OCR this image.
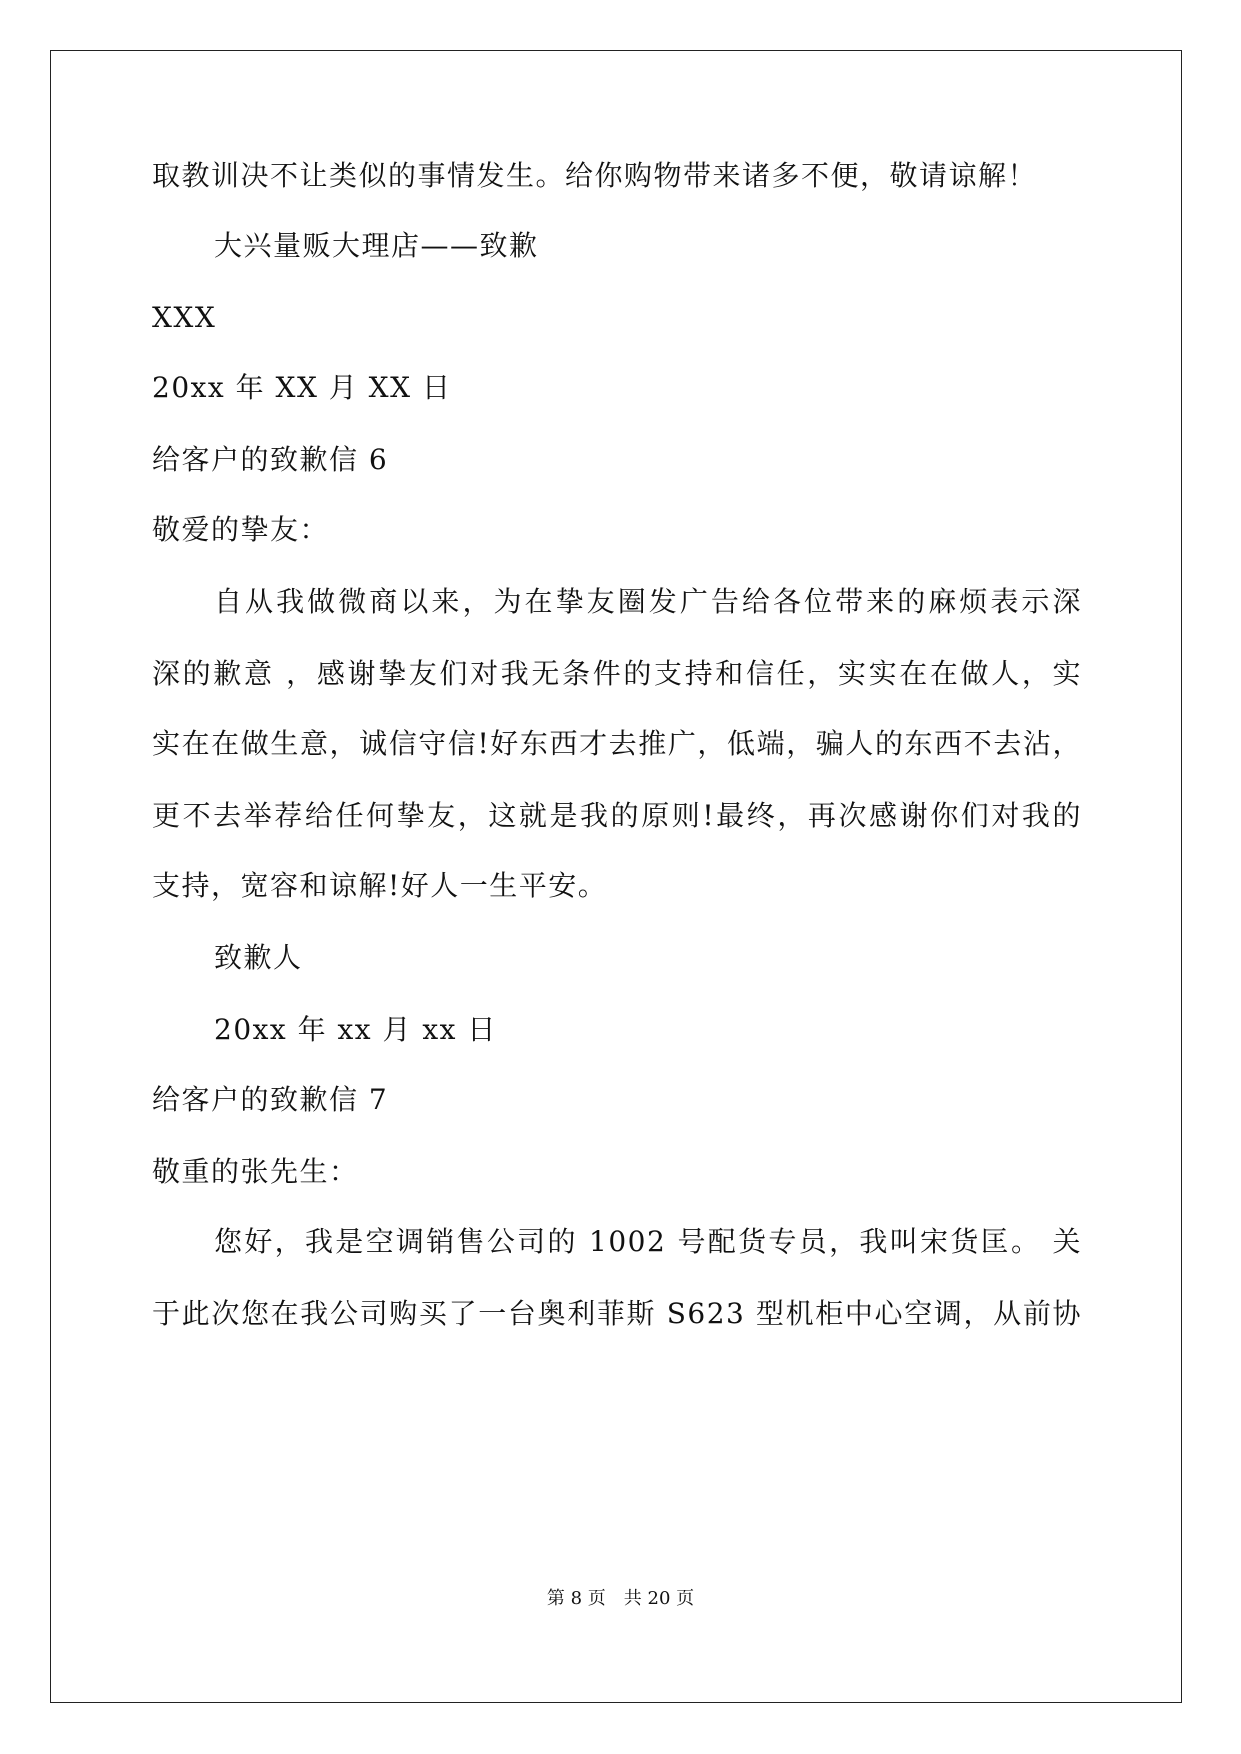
取教训决不让类似的事情发生。给你购物带来诸多不便，敬请谅解！
大兴量贩大理店——致歉
XXX
20xx 年 XX 月 XX 日
给客户的致歉信 6
敬爱的挚友：
自从我做微商以来，为在挚友圈发广告给各位带来的麻烦表示深
深的歉意 ，感谢挚友们对我无条件的支持和信任，实实在在做人，实
实在在做生意，诚信守信!好东西才去推广，低端，骗人的东西不去沾，
更不去举荐给任何挚友，这就是我的原则!最终，再次感谢你们对我的
支持，宽容和谅解!好人一生平安。
致歉人
20xx 年 xx 月 xx 日
给客户的致歉信 7
敬重的张先生：
您好，我是空调销售公司的 1002 号配货专员，我叫宋货匡。 关
于此次您在我公司购买了一台奥利菲斯 S623 型机柜中心空调，从前协
第 8 页 共 20 页
